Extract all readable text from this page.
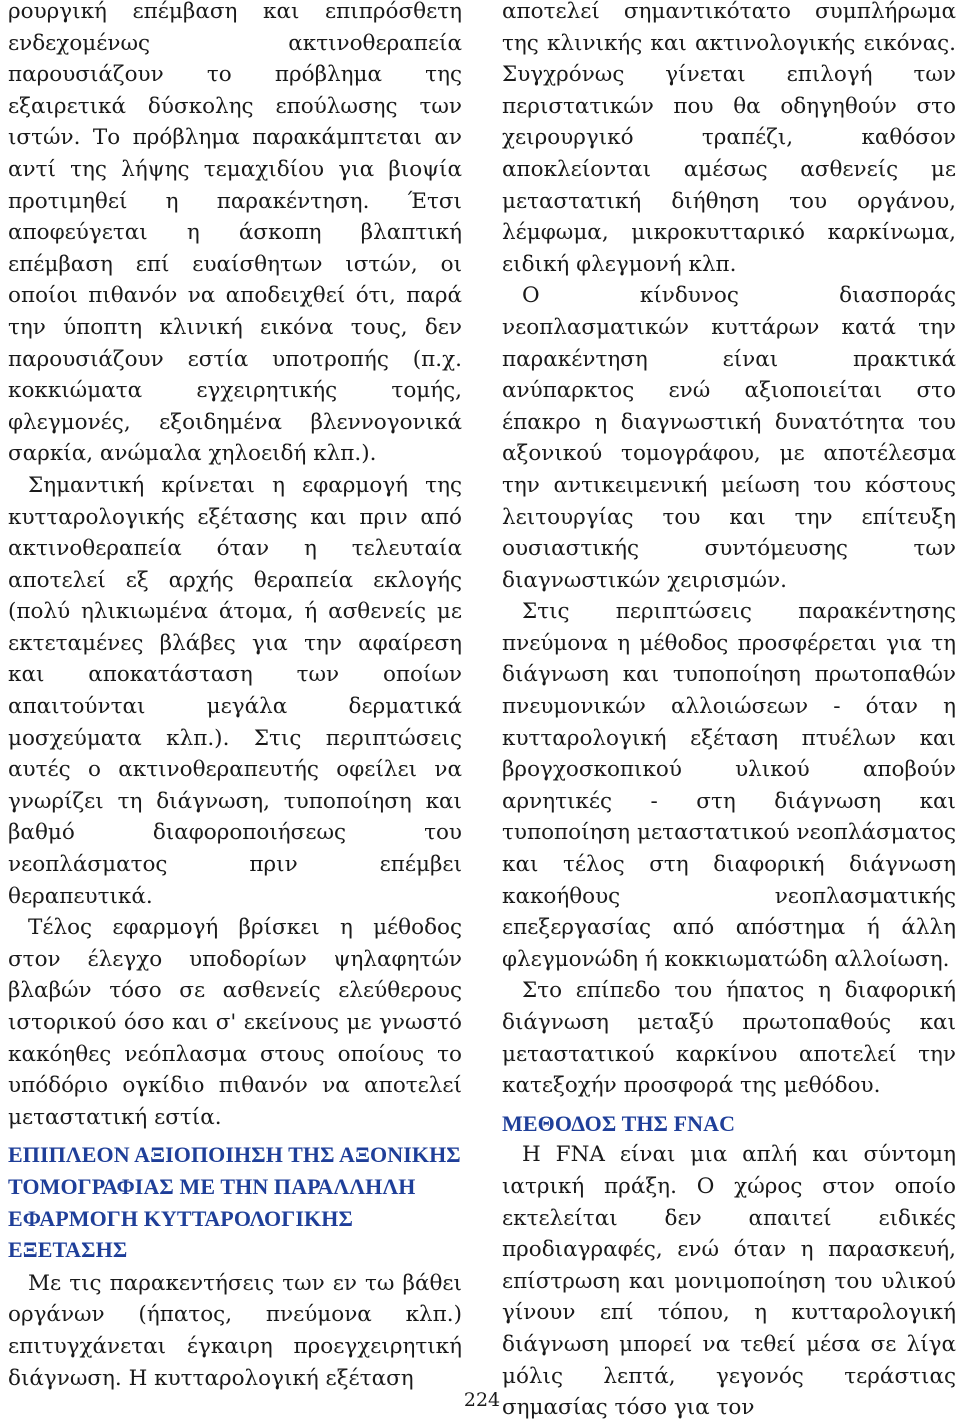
ρουργική επέμβαση και επιπρόσθετη ενδεχομένως ακτινοθεραπεία παρουσιάζουν το πρόβλημα της εξαιρετικά δύσκολης επούλωσης των ιστών. Το πρόβλημα παρακάμπτεται αν αντί της λήψης τεμαχιδίου για βιοψία προτιμηθεί η παρακέντηση. Έτσι αποφεύγεται η άσκοπη βλαπτική επέμβαση επί ευαίσθητων ιστών, οι οποίοι πιθανόν να αποδειχθεί ότι, παρά την ύποπτη κλινική εικόνα τους, δεν παρουσιάζουν εστία υποτροπής (π.χ. κοκκιώματα εγχειρητικής τομής, φλεγμονές, εξοιδημένα βλεννογονικά σαρκία, ανώμαλα χηλοειδή κλπ.).

Σημαντική κρίνεται η εφαρμογή της κυτταρολογικής εξέτασης και πριν από ακτινοθεραπεία όταν η τελευταία αποτελεί εξ αρχής θεραπεία εκλογής (πολύ ηλικιωμένα άτομα, ή ασθενείς με εκτεταμένες βλάβες για την αφαίρεση και αποκατάσταση των οποίων απαιτούνται μεγάλα δερματικά μοσχεύματα κλπ.). Στις περιπτώσεις αυτές ο ακτινοθεραπευτής οφείλει να γνωρίζει τη διάγνωση, τυποποίηση και βαθμό διαφοροποιήσεως του νεοπλάσματος πριν επέμβει θεραπευτικά.

Τέλος εφαρμογή βρίσκει η μέθοδος στον έλεγχο υποδορίων ψηλαφητών βλαβών τόσο σε ασθενείς ελεύθερους ιστορικού όσο και σ' εκείνους με γνωστό κακόηθες νεόπλασμα στους οποίους το υπόδόριο ογκίδιο πιθανόν να αποτελεί μεταστατική εστία.

ΕΠΙΠΛΕΟΝ ΑΞΙΟΠΟΙΗΣΗ ΤΗΣ ΑΞΟΝΙΚΗΣ ΤΟΜΟΓΡΑΦΙΑΣ ΜΕ ΤΗΝ ΠΑΡΑΛΛΗΛΗ ΕΦΑΡΜΟΓΗ ΚΥΤΤΑΡΟΛΟΓΙΚΗΣ ΕΞΕΤΑΣΗΣ

Με τις παρακεντήσεις των εν τω βάθει οργάνων (ήπατος, πνεύμονα κλπ.) επιτυγχάνεται έγκαιρη προεγχειρητική διάγνωση. Η κυτταρολογική εξέταση

αποτελεί σημαντικότατο συμπλήρωμα της κλινικής και ακτινολογικής εικόνας. Συγχρόνως γίνεται επιλογή των περιστατικών που θα οδηγηθούν στο χειρουργικό τραπέζι, καθόσον αποκλείονται αμέσως ασθενείς με μεταστατική διήθηση του οργάνου, λέμφωμα, μικροκυτταρικό καρκίνωμα, ειδική φλεγμονή κλπ.

Ο κίνδυνος διασποράς νεοπλασματικών κυττάρων κατά την παρακέντηση είναι πρακτικά ανύπαρκτος ενώ αξιοποιείται στο έπακρο η διαγνωστική δυνατότητα του αξονικού τομογράφου, με αποτέλεσμα την αντικειμενική μείωση του κόστους λειτουργίας του και την επίτευξη ουσιαστικής συντόμευσης των διαγνωστικών χειρισμών.

Στις περιπτώσεις παρακέντησης πνεύμονα η μέθοδος προσφέρεται για τη διάγνωση και τυποποίηση πρωτοπαθών πνευμονικών αλλοιώσεων - όταν η κυτταρολογική εξέταση πτυέλων και βρογχοσκοπικού υλικού αποβούν αρνητικές - στη διάγνωση και τυποποίηση μεταστατικού νεοπλάσματος και τέλος στη διαφορική διάγνωση κακοήθους νεοπλασματικής επεξεργασίας από απόστημα ή άλλη φλεγμονώδη ή κοκκιωματώδη αλλοίωση.

Στο επίπεδο του ήπατος η διαφορική διάγνωση μεταξύ πρωτοπαθούς και μεταστατικού καρκίνου αποτελεί την κατεξοχήν προσφορά της μεθόδου.

ΜΕΘΟΔΟΣ ΤΗΣ FNAC

Η FNA είναι μια απλή και σύντομη ιατρική πράξη. Ο χώρος στον οποίο εκτελείται δεν απαιτεί ειδικές προδιαγραφές, ενώ όταν η παρασκευή, επίστρωση και μονιμοποίηση του υλικού γίνουν επί τόπου, η κυτταρολογική διάγνωση μπορεί να τεθεί μέσα σε λίγα μόλις λεπτά, γεγονός τεράστιας σημασίας τόσο για τον

224
